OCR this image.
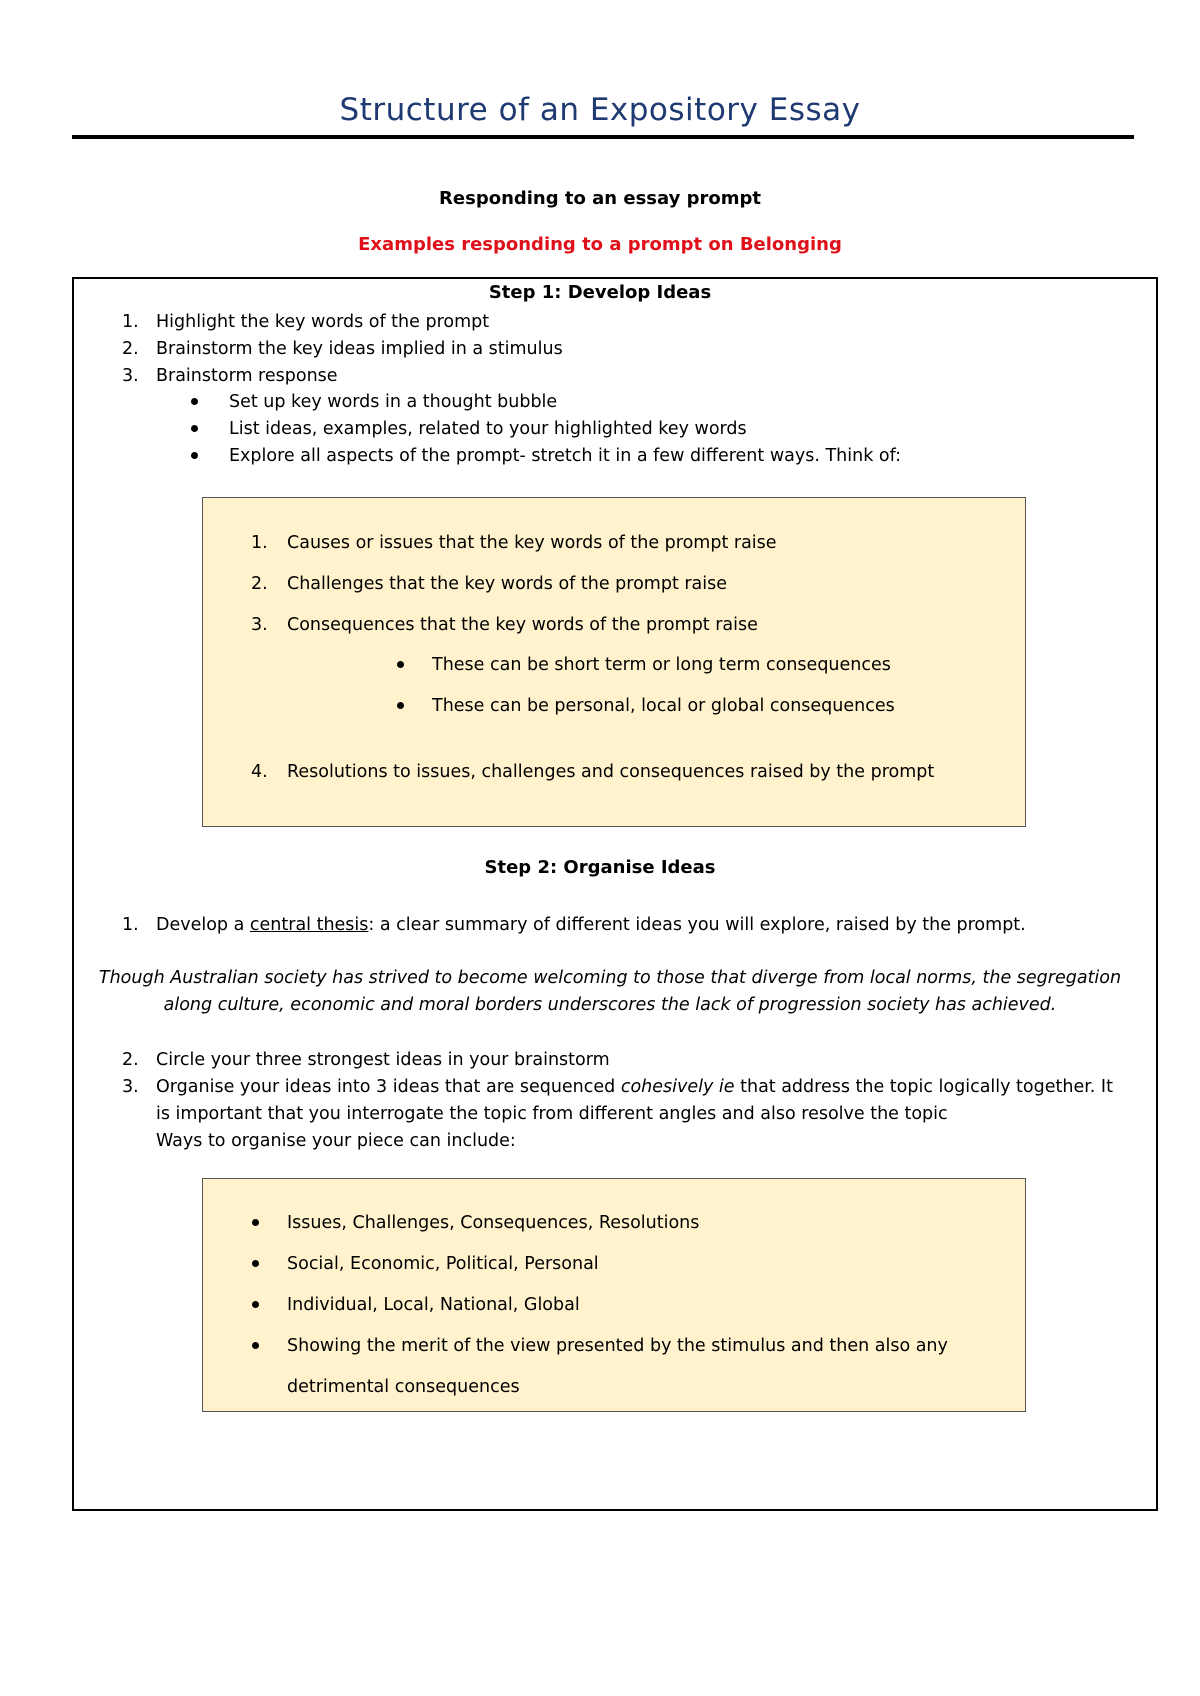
Structure of an Expository Essay
Responding to an essay prompt
Examples responding to a prompt on Belonging
Step 1: Develop Ideas
1. Highlight the key words of the prompt
2. Brainstorm the key ideas implied in a stimulus
3. Brainstorm response
Set up key words in a thought bubble
List ideas, examples, related to your highlighted key words
Explore all aspects of the prompt- stretch it in a few different ways. Think of:
1. Causes or issues that the key words of the prompt raise
2. Challenges that the key words of the prompt raise
3. Consequences that the key words of the prompt raise
These can be short term or long term consequences
These can be personal, local or global consequences
4. Resolutions to issues, challenges and consequences raised by the prompt
Step 2: Organise Ideas
1. Develop a central thesis: a clear summary of different ideas you will explore, raised by the prompt.
Though Australian society has strived to become welcoming to those that diverge from local norms, the segregation
along culture, economic and moral borders underscores the lack of progression society has achieved.
2. Circle your three strongest ideas in your brainstorm
3. Organise your ideas into 3 ideas that are sequenced cohesively ie that address the topic logically together. It
is important that you interrogate the topic from different angles and also resolve the topic
Ways to organise your piece can include:
Issues, Challenges, Consequences, Resolutions
Social, Economic, Political, Personal
Individual, Local, National, Global
Showing the merit of the view presented by the stimulus and then also any
detrimental consequences
